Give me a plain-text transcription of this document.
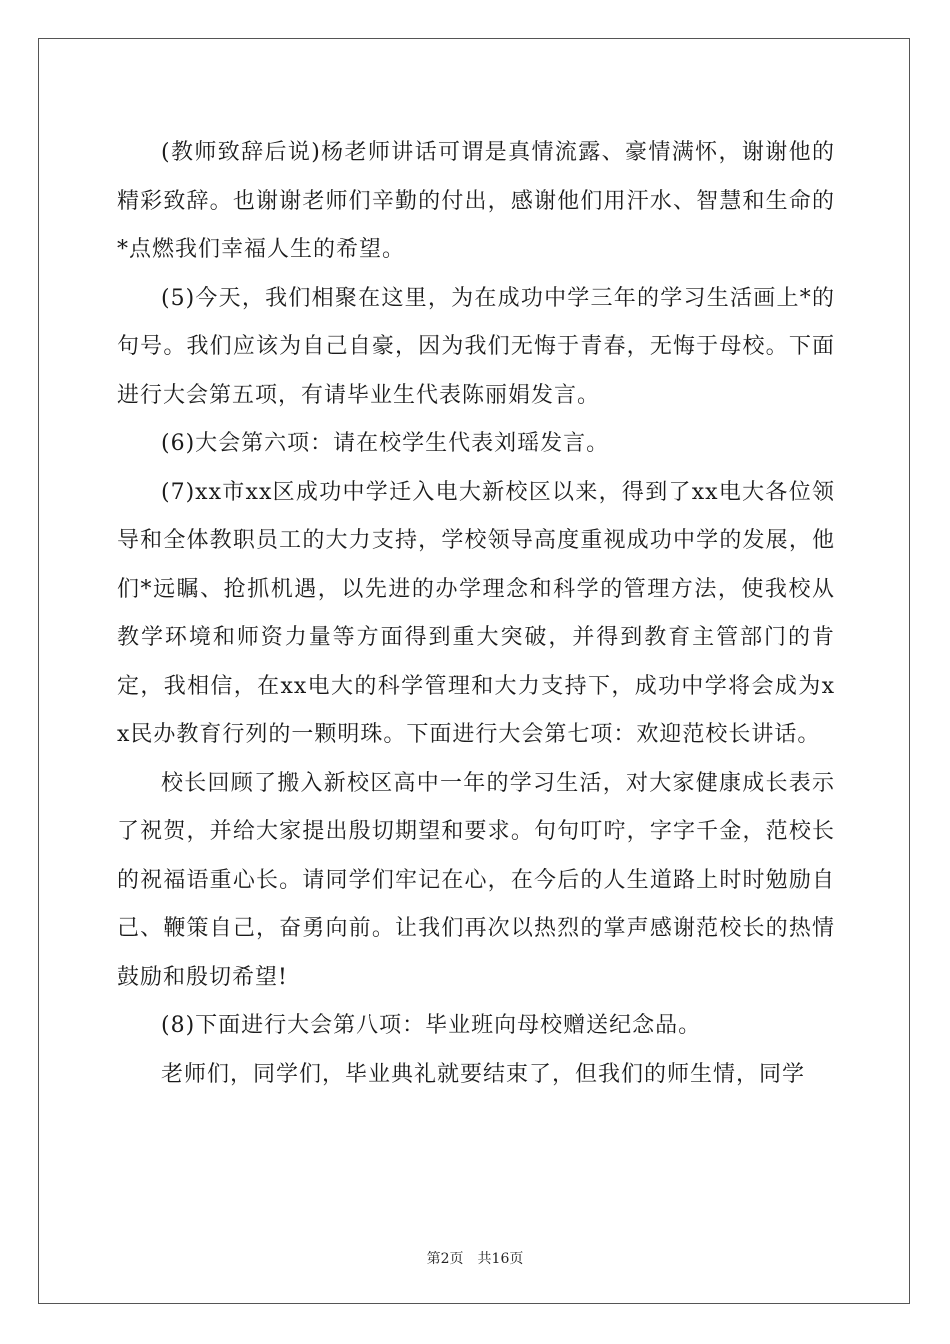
(教师致辞后说)杨老师讲话可谓是真情流露、豪情满怀，谢谢他的精彩致辞。也谢谢老师们辛勤的付出，感谢他们用汗水、智慧和生命的*点燃我们幸福人生的希望。

(5)今天，我们相聚在这里，为在成功中学三年的学习生活画上*的句号。我们应该为自己自豪，因为我们无悔于青春，无悔于母校。下面进行大会第五项，有请毕业生代表陈丽娟发言。

(6)大会第六项：请在校学生代表刘瑶发言。

(7)xx市xx区成功中学迁入电大新校区以来，得到了xx电大各位领导和全体教职员工的大力支持，学校领导高度重视成功中学的发展，他们*远瞩、抢抓机遇，以先进的办学理念和科学的管理方法，使我校从教学环境和师资力量等方面得到重大突破，并得到教育主管部门的肯定，我相信，在xx电大的科学管理和大力支持下，成功中学将会成为xx民办教育行列的一颗明珠。下面进行大会第七项：欢迎范校长讲话。

校长回顾了搬入新校区高中一年的学习生活，对大家健康成长表示了祝贺，并给大家提出殷切期望和要求。句句叮咛，字字千金，范校长的祝福语重心长。请同学们牢记在心，在今后的人生道路上时时勉励自己、鞭策自己，奋勇向前。让我们再次以热烈的掌声感谢范校长的热情鼓励和殷切希望!

(8)下面进行大会第八项：毕业班向母校赠送纪念品。

老师们，同学们，毕业典礼就要结束了，但我们的师生情，同学

第2页 共16页
